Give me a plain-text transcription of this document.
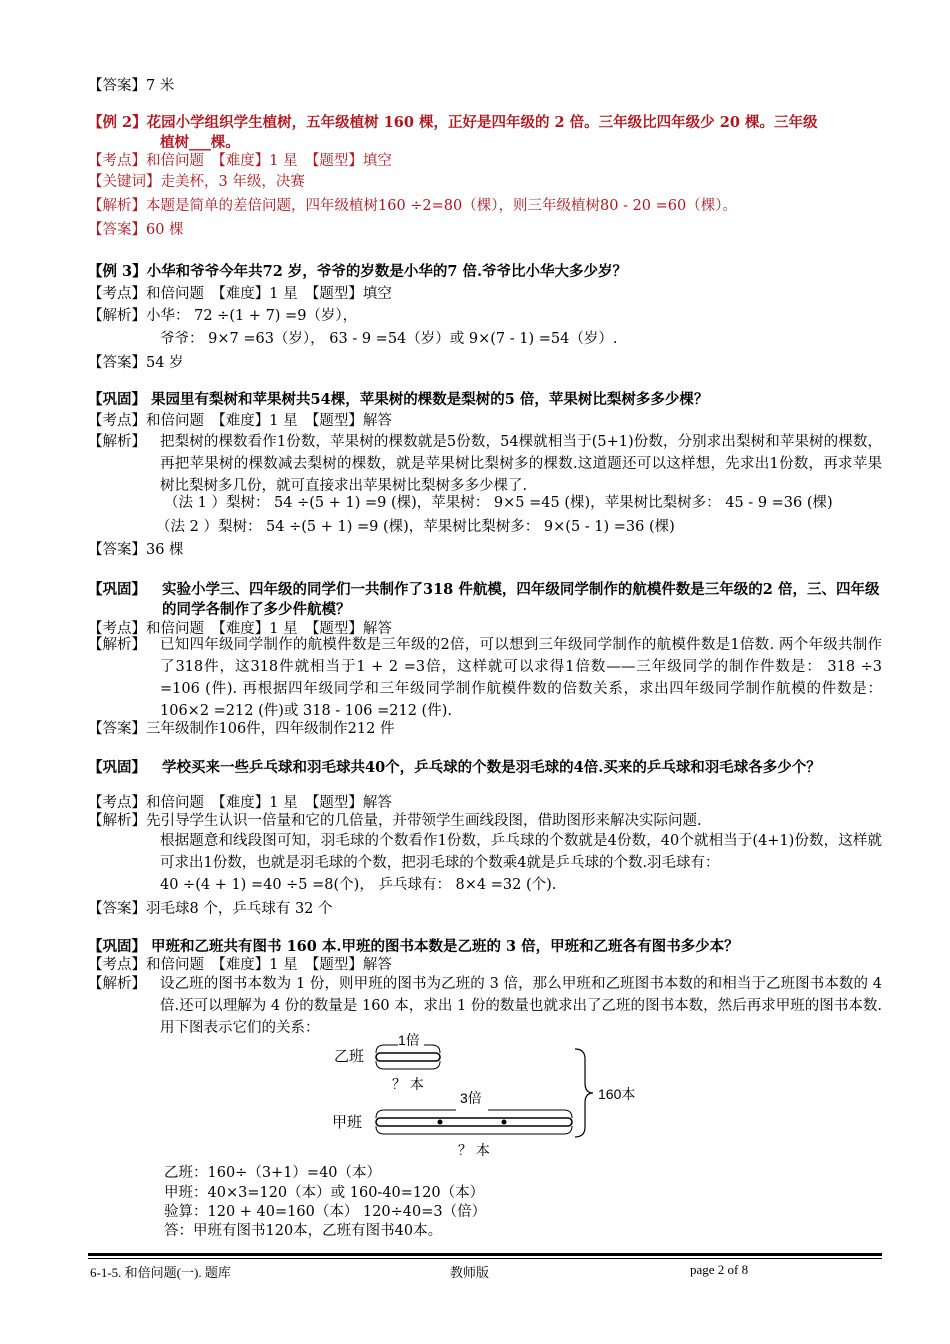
【答案】7 米
【例 2】花园小学组织学生植树，五年级植树 160 棵，正好是四年级的 2 倍。三年级比四年级少 20 棵。三年级
植树___棵。
【考点】和倍问题　【难度】1 星　【题型】填空
【关键词】走美杯，3 年级，决赛
【解析】本题是简单的差倍问题，四年级植树160 ÷2=80（棵），则三年级植树80 - 20 =60（棵）。
【答案】60 棵
【例 3】小华和爷爷今年共72 岁，爷爷的岁数是小华的7 倍.爷爷比小华大多少岁？
【考点】和倍问题　【难度】1 星　【题型】填空
【解析】小华： 72 ÷(1 + 7) =9（岁），
爷爷： 9×7 =63（岁）， 63 - 9 =54（岁）或 9×(7 - 1) =54（岁）.
【答案】54 岁
【巩固】 果园里有梨树和苹果树共54棵，苹果树的棵数是梨树的5 倍，苹果树比梨树多多少棵？
【考点】和倍问题　【难度】1 星　【题型】解答
【解析】 把梨树的棵数看作1份数，苹果树的棵数就是5份数，54棵就相当于(5+1)份数，分别求出梨树和苹果树的棵数，再把苹果树的棵数减去梨树的棵数，就是苹果树比梨树多的棵数.这道题还可以这样想，先求出1份数，再求苹果树比梨树多几份，就可直接求出苹果树比梨树多多少棵了.
（法 1 ）梨树： 54 ÷(5 + 1) =9 (棵)，苹果树： 9×5 =45 (棵)，苹果树比梨树多： 45 - 9 =36 (棵)
（法 2 ）梨树： 54 ÷(5 + 1) =9 (棵)，苹果树比梨树多： 9×(5 - 1) =36 (棵)
【答案】36 棵
【巩固】 实验小学三、四年级的同学们一共制作了318 件航模，四年级同学制作的航模件数是三年级的2 倍，三、四年级的同学各制作了多少件航模？
【考点】和倍问题　【难度】1 星　【题型】解答
【解析】 已知四年级同学制作的航模件数是三年级的2倍，可以想到三年级同学制作的航模件数是1倍数. 两个年级共制作了318件，这318件就相当于1 + 2 =3倍，这样就可以求得1倍数——三年级同学的制作件数是： 318 ÷3 =106 (件). 再根据四年级同学和三年级同学制作航模件数的倍数关系，求出四年级同学制作航模的件数是： 106×2 =212 (件)或 318 - 106 =212 (件).
【答案】三年级制作106件，四年级制作212 件
【巩固】 学校买来一些乒乓球和羽毛球共40个，乒乓球的个数是羽毛球的4倍.买来的乒乓球和羽毛球各多少个？
【考点】和倍问题　【难度】1 星　【题型】解答
【解析】先引导学生认识一倍量和它的几倍量，并带领学生画线段图，借助图形来解决实际问题.
根据题意和线段图可知，羽毛球的个数看作1份数，乒乓球的个数就是4份数，40个就相当于(4+1)份数，这样就可求出1份数，也就是羽毛球的个数，把羽毛球的个数乘4就是乒乓球的个数.羽毛球有：
40 ÷(4 + 1) =40 ÷5 =8(个)， 乒乓球有： 8×4 =32 (个).
【答案】羽毛球8 个，乒乓球有 32 个
【巩固】 甲班和乙班共有图书 160 本.甲班的图书本数是乙班的 3 倍，甲班和乙班各有图书多少本？
【考点】和倍问题　【难度】1 星　【题型】解答
【解析】 设乙班的图书本数为 1 份，则甲班的图书为乙班的 3 倍，那么甲班和乙班图书本数的和相当于乙班图书本数的 4 倍.还可以理解为 4 份的数量是 160 本，求出 1 份的数量也就求出了乙班的图书本数，然后再求甲班的图书本数.用下图表示它们的关系：
乙班
1倍
？ 本
甲班
3倍
？ 本
160本
乙班：160÷（3+1）=40（本）
甲班：40×3=120（本）或 160-40=120（本）
验算：120 + 40=160（本） 120÷40=3（倍）
答：甲班有图书120本，乙班有图书40本。
6-1-5. 和倍问题(一). 题库	教师版	page 2 of 8
